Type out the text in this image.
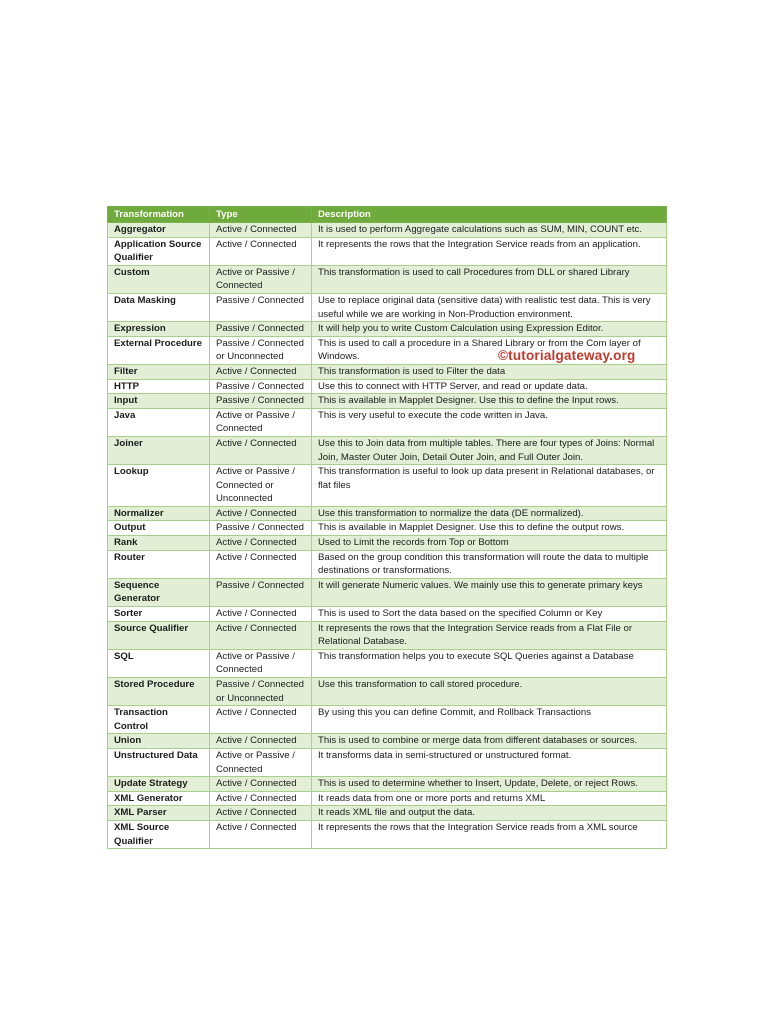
Transformation	Type	Description
Aggregator	Active / Connected	It is used to perform Aggregate calculations such as SUM, MIN, COUNT etc.
Application Source Qualifier	Active / Connected	It represents the rows that the Integration Service reads from an application.
Custom	Active or Passive / Connected	This transformation is used to call Procedures from DLL or shared Library
Data Masking	Passive / Connected	Use to replace original data (sensitive data) with realistic test data. This is very useful while we are working in Non-Production environment.
Expression	Passive / Connected	It will help you to write Custom Calculation using Expression Editor.
External Procedure	Passive / Connected or Unconnected	This is used to call a procedure in a Shared Library or from the Com layer of Windows.
Filter	Active / Connected	This transformation is used to Filter the data
HTTP	Passive / Connected	Use this to connect with HTTP Server, and read or update data.
Input	Passive / Connected	This is available in Mapplet Designer. Use this to define the Input rows.
Java	Active or Passive / Connected	This is very useful to execute the code written in Java.
Joiner	Active / Connected	Use this to Join data from multiple tables. There are four types of Joins: Normal Join, Master Outer Join, Detail Outer Join, and Full Outer Join.
Lookup	Active or Passive / Connected or Unconnected	This transformation is useful to look up data present in Relational databases, or flat files
Normalizer	Active / Connected	Use this transformation to normalize the data (DE normalized).
Output	Passive / Connected	This is available in Mapplet Designer. Use this to define the output rows.
Rank	Active / Connected	Used to Limit the records from Top or Bottom
Router	Active / Connected	Based on the group condition this transformation will route the data to multiple destinations or transformations.
Sequence Generator	Passive / Connected	It will generate Numeric values. We mainly use this to generate primary keys
Sorter	Active / Connected	This is used to Sort the data based on the specified Column or Key
Source Qualifier	Active / Connected	It represents the rows that the Integration Service reads from a Flat File or Relational Database.
SQL	Active or Passive / Connected	This transformation helps you to execute SQL Queries against a Database
Stored Procedure	Passive / Connected or Unconnected	Use this transformation to call stored procedure.
Transaction Control	Active / Connected	By using this you can define Commit, and Rollback Transactions
Union	Active / Connected	This is used to combine or merge data from different databases or sources.
Unstructured Data	Active or Passive / Connected	It transforms data in semi-structured or unstructured format.
Update Strategy	Active / Connected	This is used to determine whether to Insert, Update, Delete, or reject Rows.
XML Generator	Active / Connected	It reads data from one or more ports and returns XML
XML Parser	Active / Connected	It reads XML file and output the data.
XML Source Qualifier	Active / Connected	It represents the rows that the Integration Service reads from a XML source
©tutorialgateway.org
